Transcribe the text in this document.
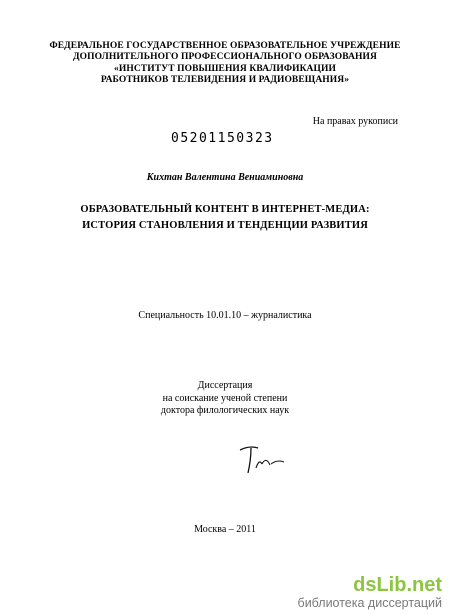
ФЕДЕРАЛЬНОЕ ГОСУДАРСТВЕННОЕ ОБРАЗОВАТЕЛЬНОЕ УЧРЕЖДЕНИЕ
ДОПОЛНИТЕЛЬНОГО ПРОФЕССИОНАЛЬНОГО ОБРАЗОВАНИЯ
«ИНСТИТУТ ПОВЫШЕНИЯ КВАЛИФИКАЦИИ
РАБОТНИКОВ ТЕЛЕВИДЕНИЯ И РАДИОВЕЩАНИЯ»
На правах рукописи
05201150323
Кихтан Валентина Вениаминовна
ОБРАЗОВАТЕЛЬНЫЙ КОНТЕНТ В ИНТЕРНЕТ-МЕДИА:
ИСТОРИЯ СТАНОВЛЕНИЯ И ТЕНДЕНЦИИ РАЗВИТИЯ
Специальность 10.01.10 – журналистика
Диссертация
на соискание ученой степени
доктора филологических наук
Москва – 2011
dsLib.net
библиотека диссертаций
